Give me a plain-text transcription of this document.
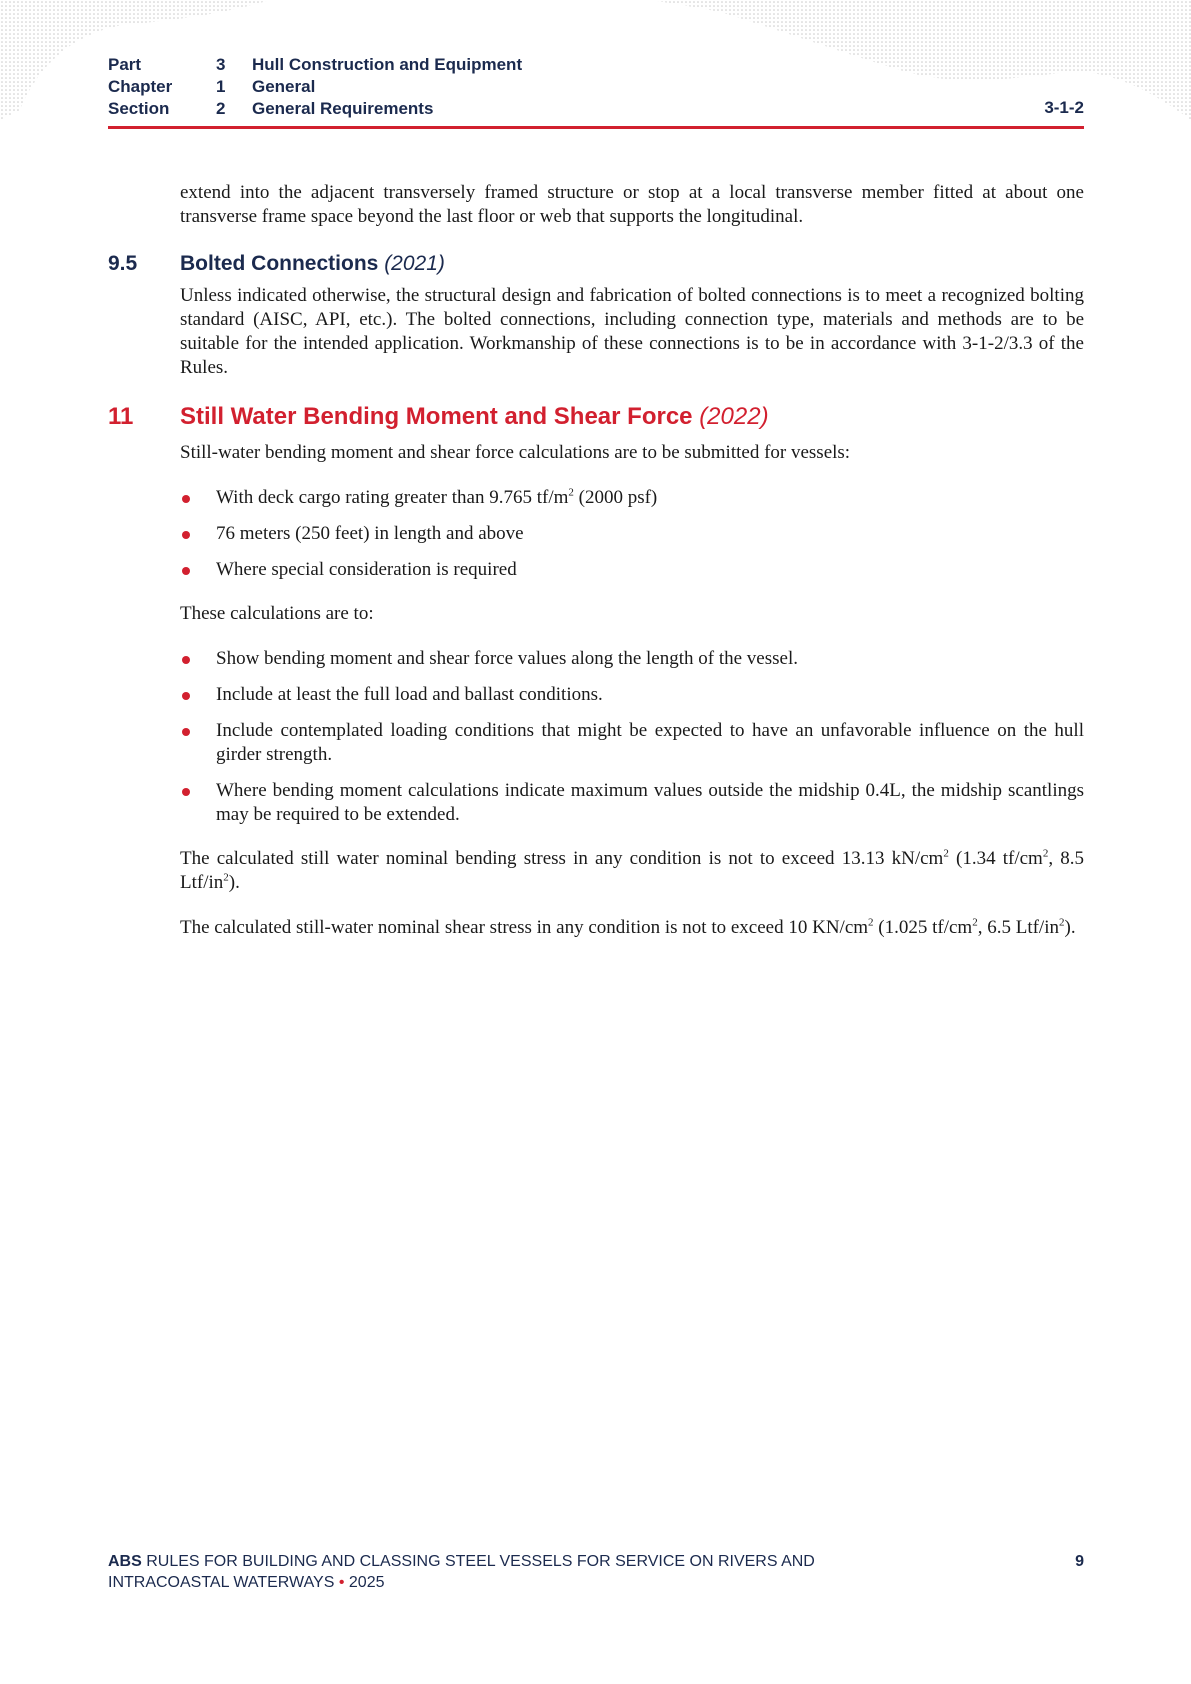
Part	3	Hull Construction and Equipment
Chapter	1	General
Section	2	General Requirements	3-1-2

extend into the adjacent transversely framed structure or stop at a local transverse member fitted at about one transverse frame space beyond the last floor or web that supports the longitudinal.

9.5 Bolted Connections (2021)

Unless indicated otherwise, the structural design and fabrication of bolted connections is to meet a recognized bolting standard (AISC, API, etc.). The bolted connections, including connection type, materials and methods are to be suitable for the intended application. Workmanship of these connections is to be in accordance with 3-1-2/3.3 of the Rules.

11 Still Water Bending Moment and Shear Force (2022)

Still-water bending moment and shear force calculations are to be submitted for vessels:

With deck cargo rating greater than 9.765 $tf/m^2$ (2000 psf)
76 meters (250 feet) in length and above
Where special consideration is required

These calculations are to:

Show bending moment and shear force values along the length of the vessel.
Include at least the full load and ballast conditions.
Include contemplated loading conditions that might be expected to have an unfavorable influence on the hull girder strength.
Where bending moment calculations indicate maximum values outside the midship 0.4L, the midship scantlings may be required to be extended.

The calculated still water nominal bending stress in any condition is not to exceed 13.13 $kN/cm^2$ (1.34 $tf/cm^2$, 8.5 Ltf/$in^2$).

The calculated still-water nominal shear stress in any condition is not to exceed 10 $KN/cm^2$ (1.025 $tf/cm^2$, 6.5 Ltf/$in^2$).

ABS RULES FOR BUILDING AND CLASSING STEEL VESSELS FOR SERVICE ON RIVERS AND
INTRACOASTAL WATERWAYS • 2025
9
